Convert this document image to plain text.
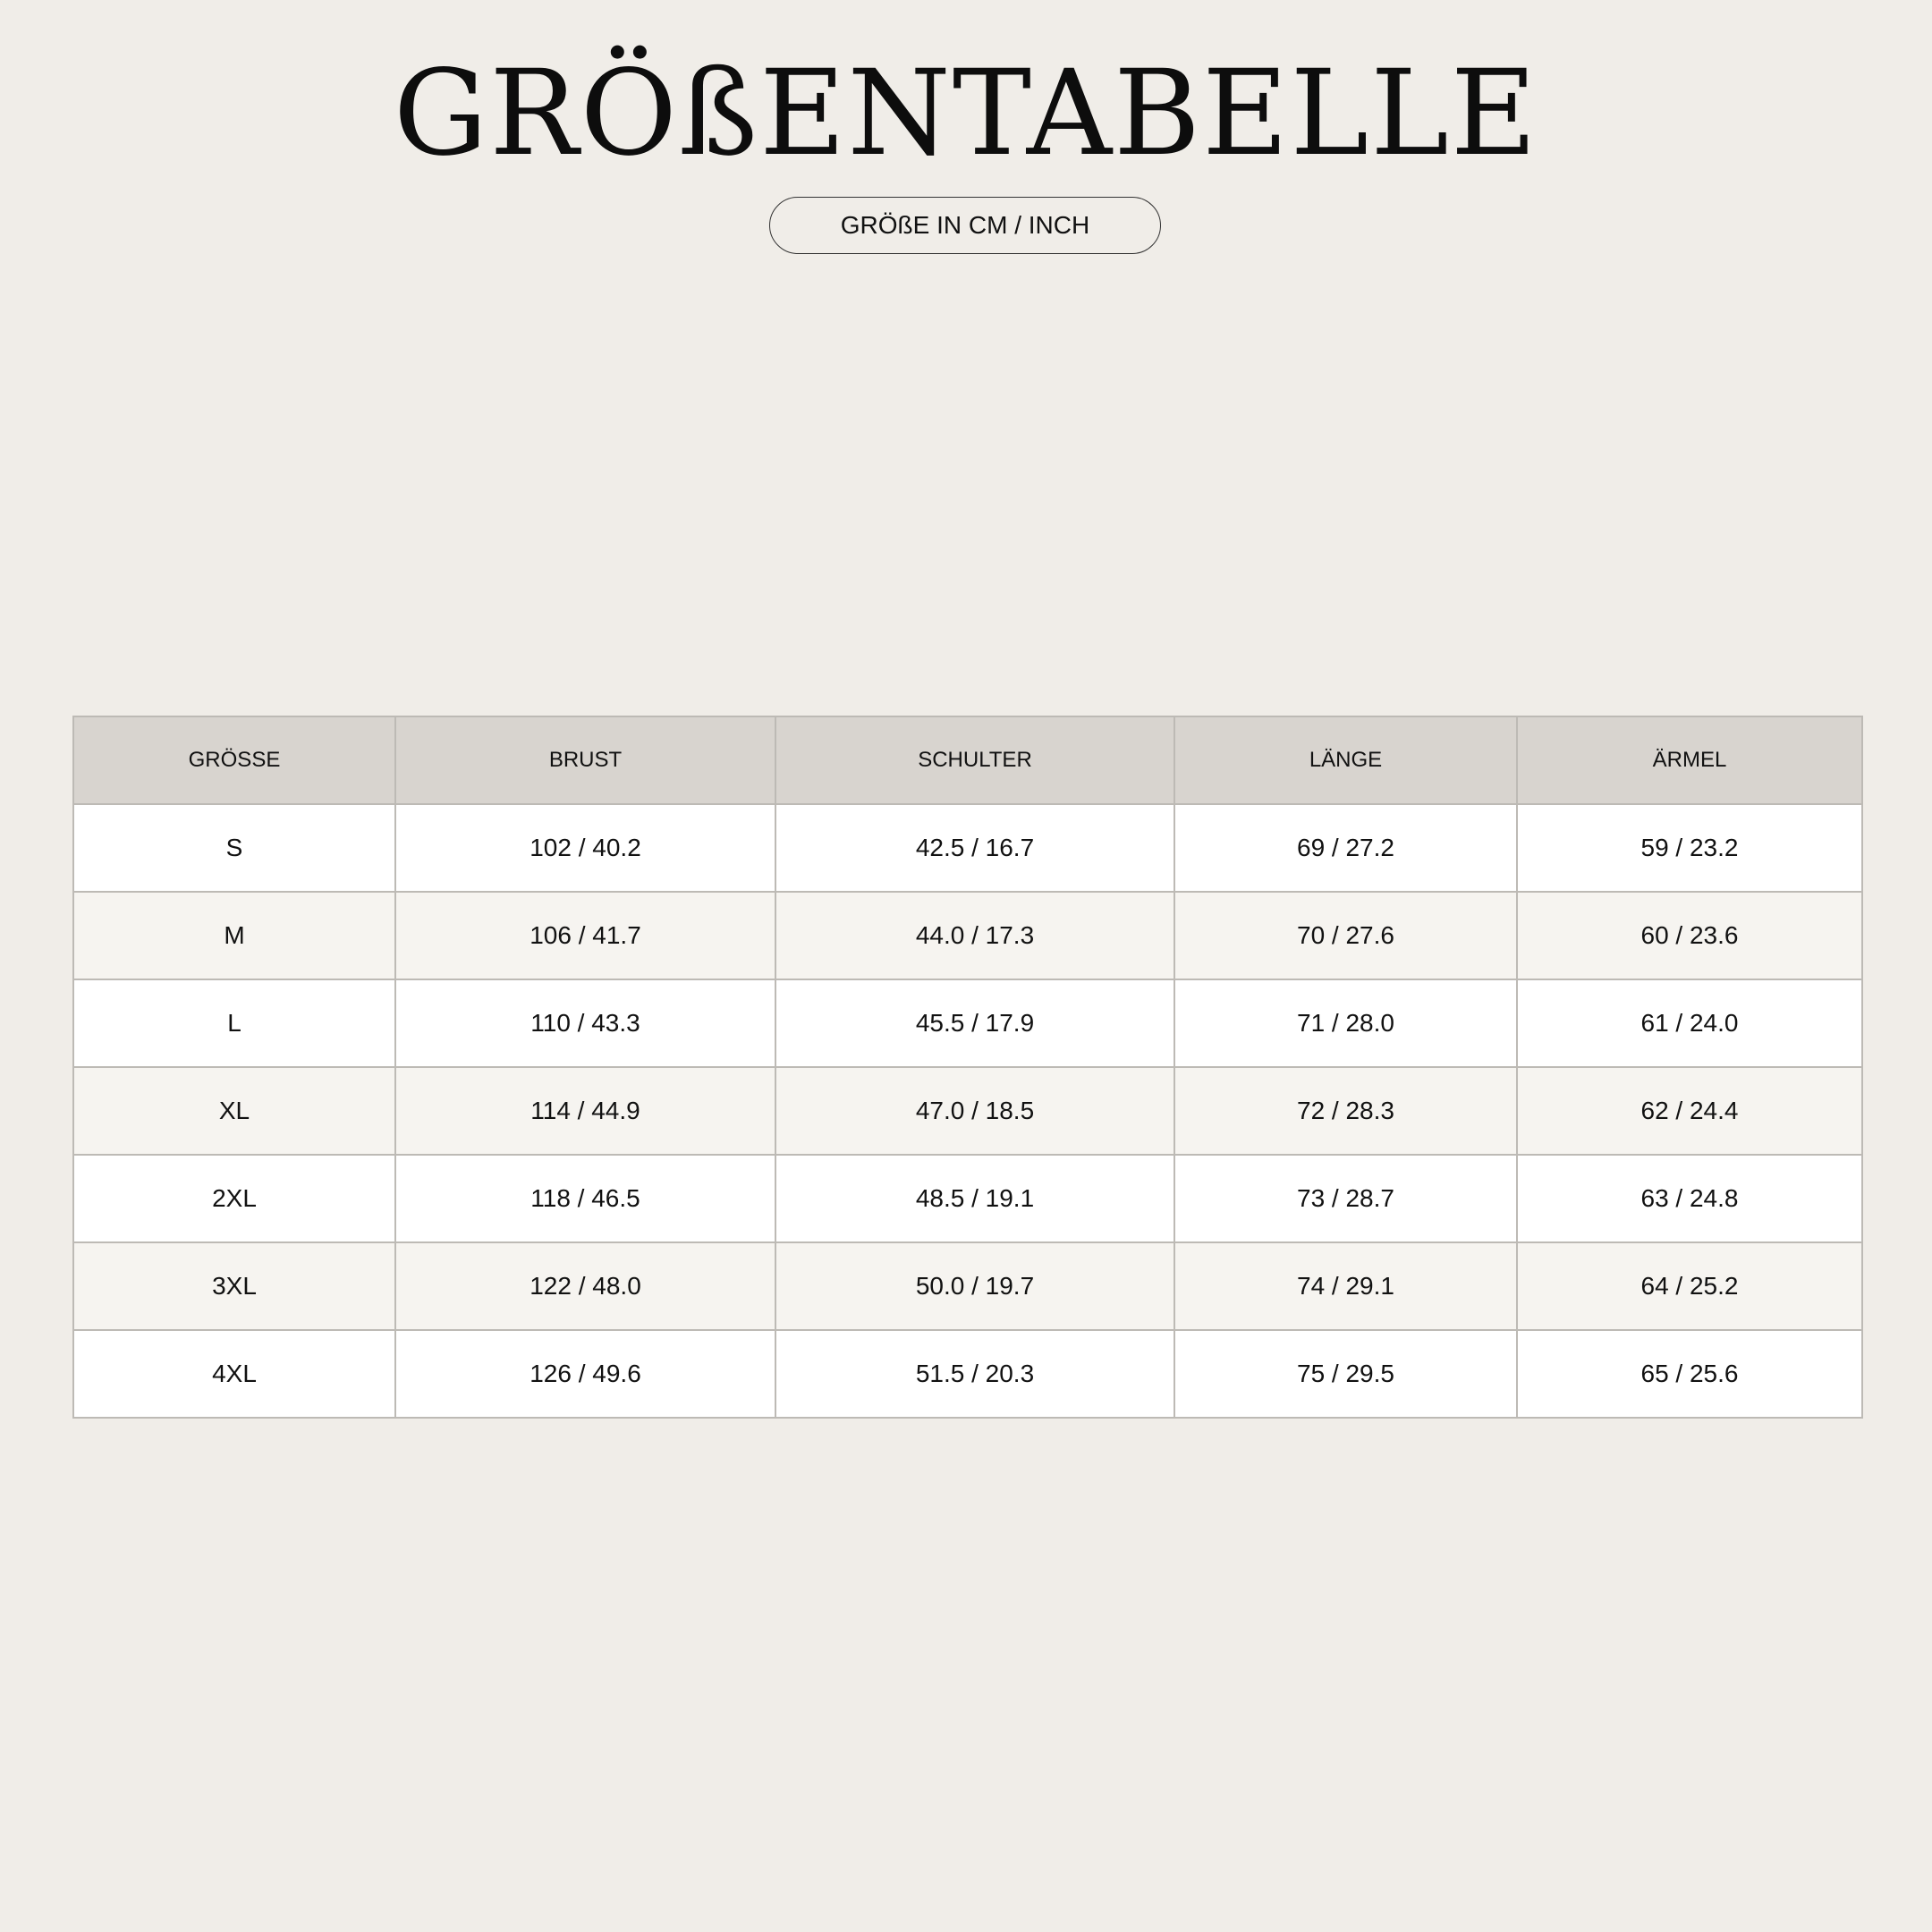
GRÖßENTABELLE
GRÖßE IN CM / INCH
GRÖSSE	BRUST	SCHULTER	LÄNGE	ÄRMEL
S	102 / 40.2	42.5 / 16.7	69 / 27.2	59 / 23.2
M	106 / 41.7	44.0 / 17.3	70 / 27.6	60 / 23.6
L	110 / 43.3	45.5 / 17.9	71 / 28.0	61 / 24.0
XL	114 / 44.9	47.0 / 18.5	72 / 28.3	62 / 24.4
2XL	118 / 46.5	48.5 / 19.1	73 / 28.7	63 / 24.8
3XL	122 / 48.0	50.0 / 19.7	74 / 29.1	64 / 25.2
4XL	126 / 49.6	51.5 / 20.3	75 / 29.5	65 / 25.6
